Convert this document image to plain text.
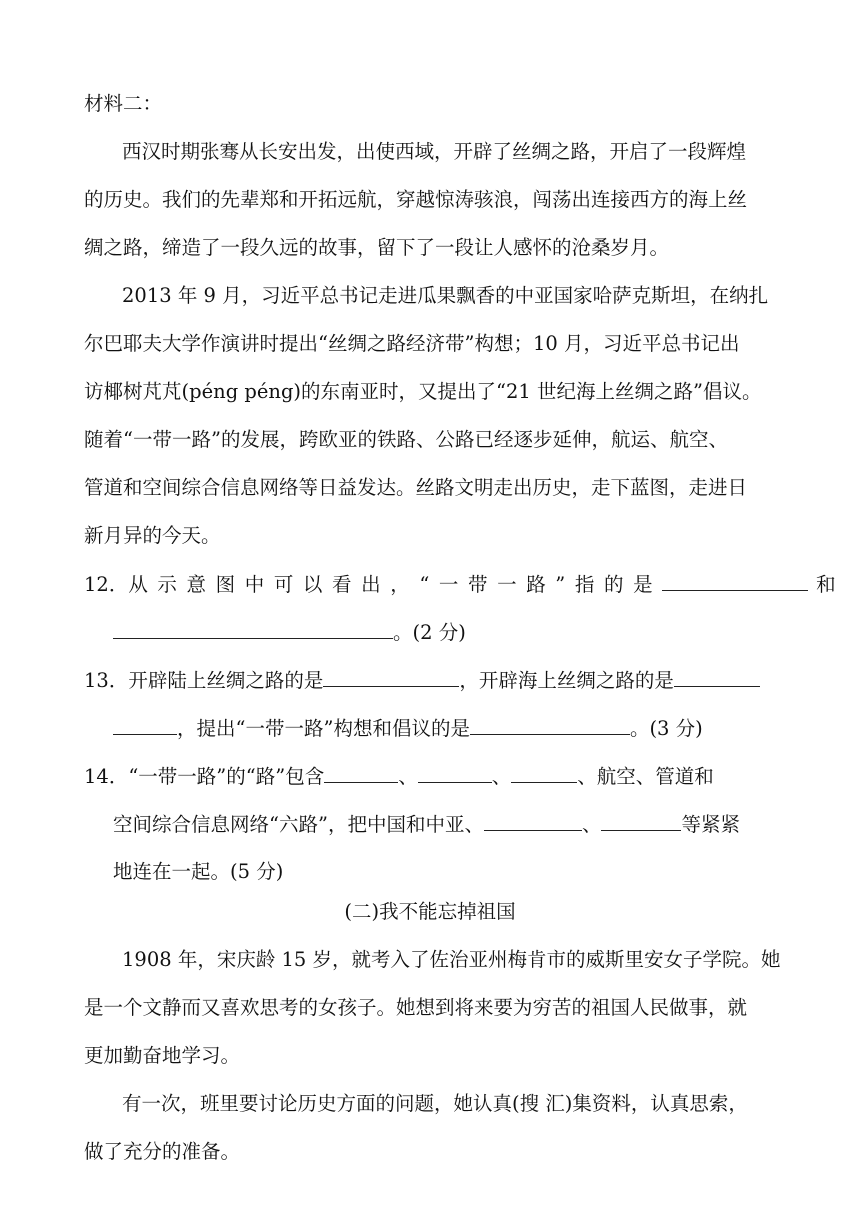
材料二：
西汉时期张骞从长安出发，出使西域，开辟了丝绸之路，开启了一段辉煌
的历史。我们的先辈郑和开拓远航，穿越惊涛骇浪，闯荡出连接西方的海上丝
绸之路，缔造了一段久远的故事，留下了一段让人感怀的沧桑岁月。
2013 年 9 月，习近平总书记走进瓜果飘香的中亚国家哈萨克斯坦，在纳扎
尔巴耶夫大学作演讲时提出“丝绸之路经济带”构想；10 月，习近平总书记出
访椰树芃芃(péng péng)的东南亚时，又提出了“21 世纪海上丝绸之路”倡议。
随着“一带一路”的发展，跨欧亚的铁路、公路已经逐步延伸，航运、航空、
管道和空间综合信息网络等日益发达。丝路文明走出历史，走下蓝图，走进日
新月异的今天。
12．从示意图中可以看出，“一带一路”指的是	和
。(2 分)
13．开辟陆上丝绸之路的是	，开辟海上丝绸之路的是
，提出“一带一路”构想和倡议的是	。(3 分)
14．“一带一路”的“路”包含	、	、	、航空、管道和
空间综合信息网络“六路”，把中国和中亚、	、	等紧紧
地连在一起。(5 分)
(二)我不能忘掉祖国
1908 年，宋庆龄 15 岁，就考入了佐治亚州梅肯市的威斯里安女子学院。她
是一个文静而又喜欢思考的女孩子。她想到将来要为穷苦的祖国人民做事，就
更加勤奋地学习。
有一次，班里要讨论历史方面的问题，她认真(搜 汇)集资料，认真思索，
做了充分的准备。
